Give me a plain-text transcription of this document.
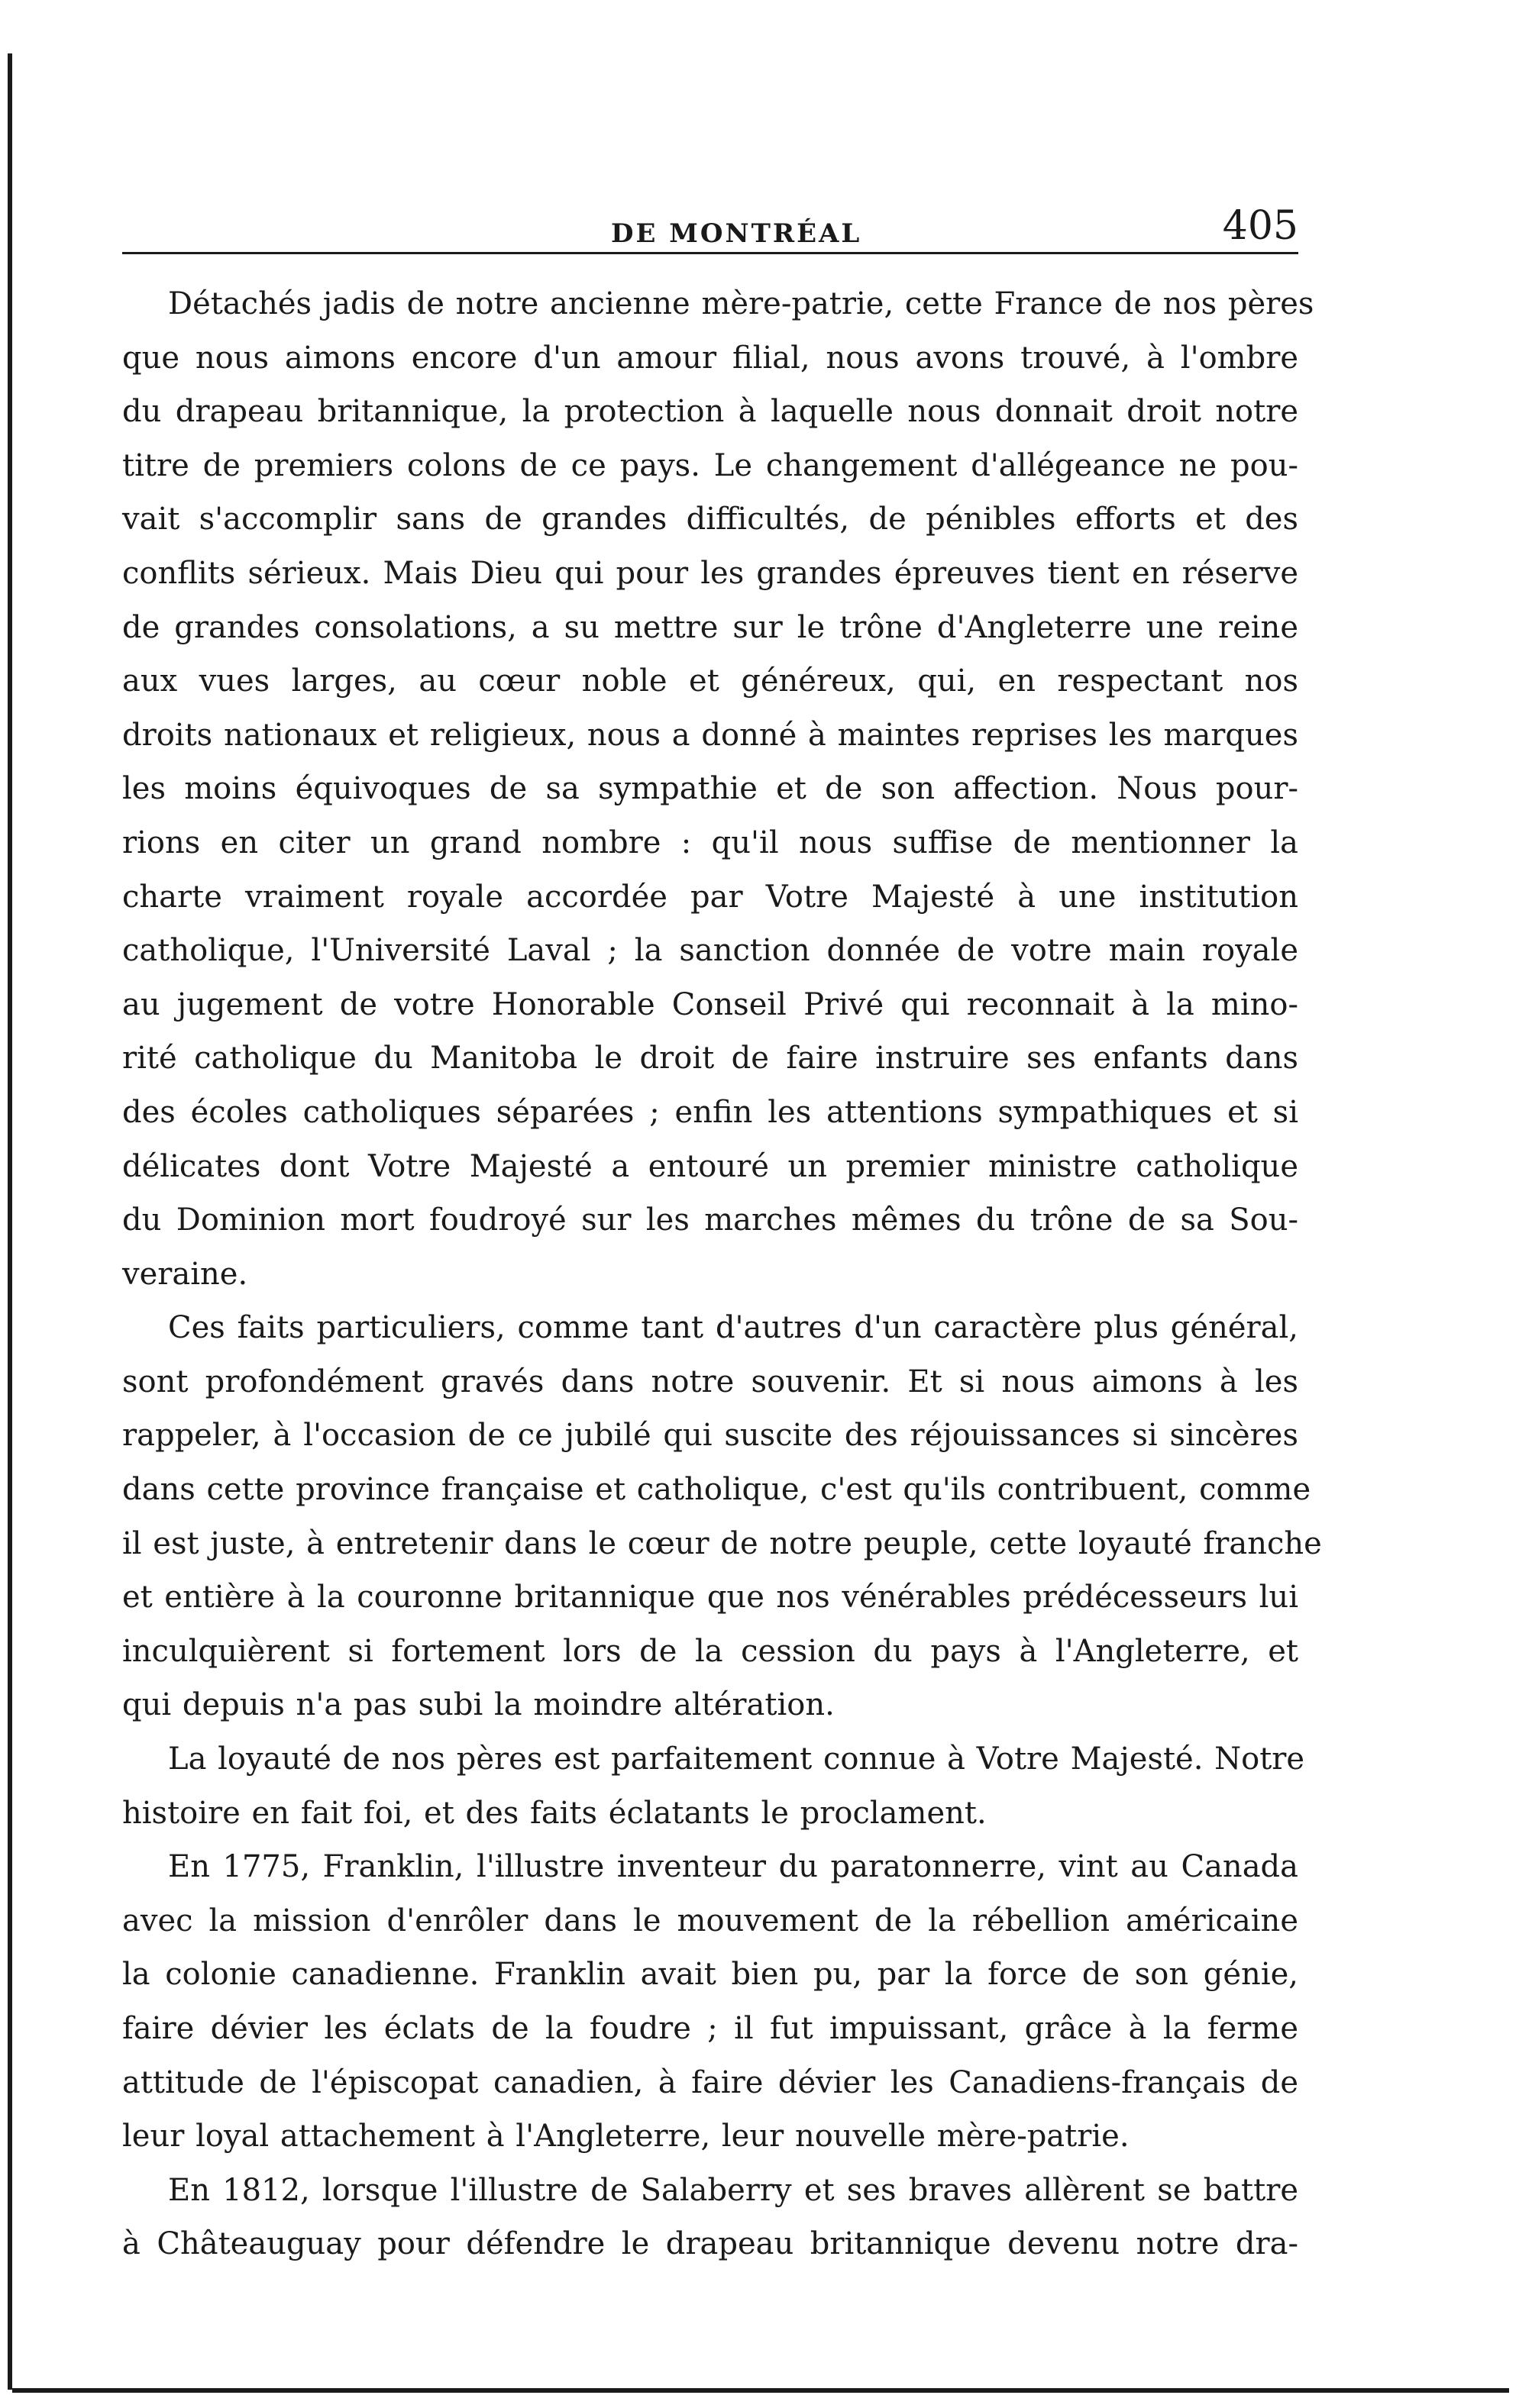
DE MONTRÉAL	405

Détachés jadis de notre ancienne mère-patrie, cette France de nos pères
que nous aimons encore d'un amour filial, nous avons trouvé, à l'ombre
du drapeau britannique, la protection à laquelle nous donnait droit notre
titre de premiers colons de ce pays. Le changement d'allégeance ne pou-
vait s'accomplir sans de grandes difficultés, de pénibles efforts et des
conflits sérieux. Mais Dieu qui pour les grandes épreuves tient en réserve
de grandes consolations, a su mettre sur le trône d'Angleterre une reine
aux vues larges, au cœur noble et généreux, qui, en respectant nos
droits nationaux et religieux, nous a donné à maintes reprises les marques
les moins équivoques de sa sympathie et de son affection. Nous pour-
rions en citer un grand nombre : qu'il nous suffise de mentionner la
charte vraiment royale accordée par Votre Majesté à une institution
catholique, l'Université Laval ; la sanction donnée de votre main royale
au jugement de votre Honorable Conseil Privé qui reconnait à la mino-
rité catholique du Manitoba le droit de faire instruire ses enfants dans
des écoles catholiques séparées ; enfin les attentions sympathiques et si
délicates dont Votre Majesté a entouré un premier ministre catholique
du Dominion mort foudroyé sur les marches mêmes du trône de sa Sou-
veraine.

Ces faits particuliers, comme tant d'autres d'un caractère plus général,
sont profondément gravés dans notre souvenir. Et si nous aimons à les
rappeler, à l'occasion de ce jubilé qui suscite des réjouissances si sincères
dans cette province française et catholique, c'est qu'ils contribuent, comme
il est juste, à entretenir dans le cœur de notre peuple, cette loyauté franche
et entière à la couronne britannique que nos vénérables prédécesseurs lui
inculquièrent si fortement lors de la cession du pays à l'Angleterre, et
qui depuis n'a pas subi la moindre altération.

La loyauté de nos pères est parfaitement connue à Votre Majesté. Notre
histoire en fait foi, et des faits éclatants le proclament.

En 1775, Franklin, l'illustre inventeur du paratonnerre, vint au Canada
avec la mission d'enrôler dans le mouvement de la rébellion américaine
la colonie canadienne. Franklin avait bien pu, par la force de son génie,
faire dévier les éclats de la foudre ; il fut impuissant, grâce à la ferme
attitude de l'épiscopat canadien, à faire dévier les Canadiens-français de
leur loyal attachement à l'Angleterre, leur nouvelle mère-patrie.

En 1812, lorsque l'illustre de Salaberry et ses braves allèrent se battre
à Châteauguay pour défendre le drapeau britannique devenu notre dra-
